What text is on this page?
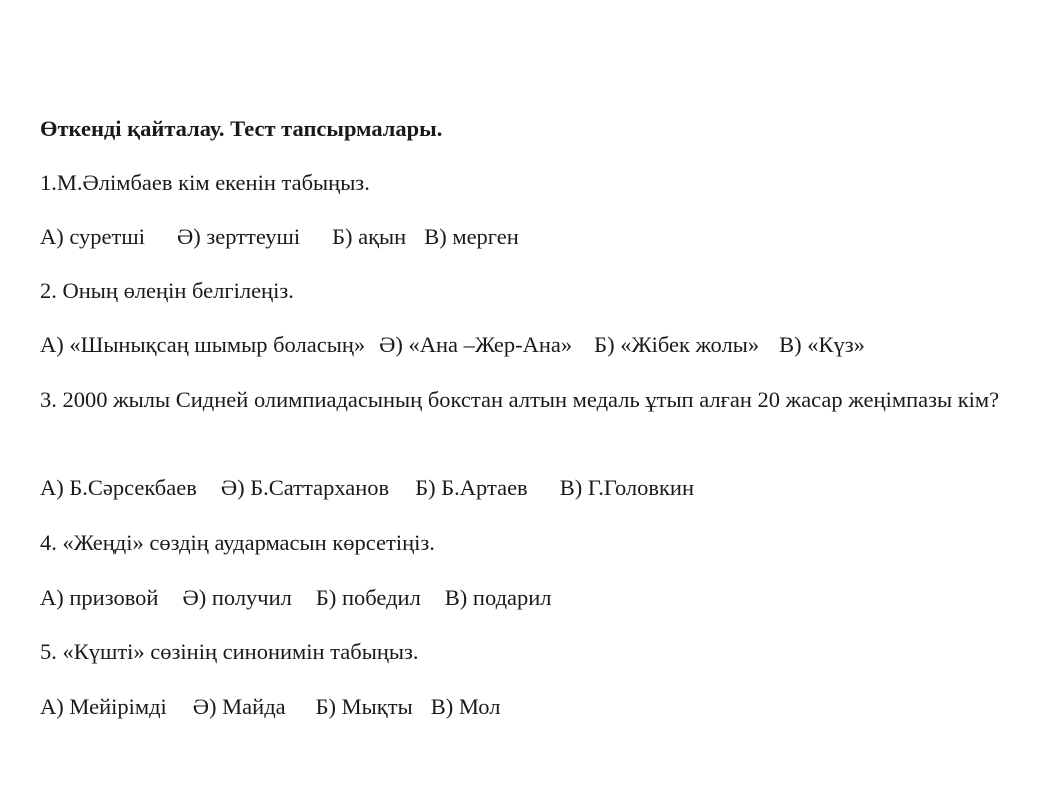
Өткенді қайталау. Тест тапсырмалары.
1.М.Әлімбаев кім екенін табыңыз.
А) суретші Ә) зерттеуші Б) ақын В) мерген
2. Оның өлеңін белгілеңіз.
А) «Шынықсаң шымыр боласың» Ә) «Ана –Жер-Ана» Б) «Жібек жолы» В) «Күз»
3. 2000 жылы Сидней олимпиадасының бокстан алтын медаль ұтып алған 20 жасар жеңімпазы кім?
А) Б.Сәрсекбаев Ә) Б.Саттарханов Б) Б.Артаев В) Г.Головкин
4. «Жеңді» сөздің аудармасын көрсетіңіз.
А) призовой Ә) получил Б) победил В) подарил
5. «Күшті» сөзінің синонимін табыңыз.
А) Мейірімді Ә) Майда Б) Мықты В) Мол
